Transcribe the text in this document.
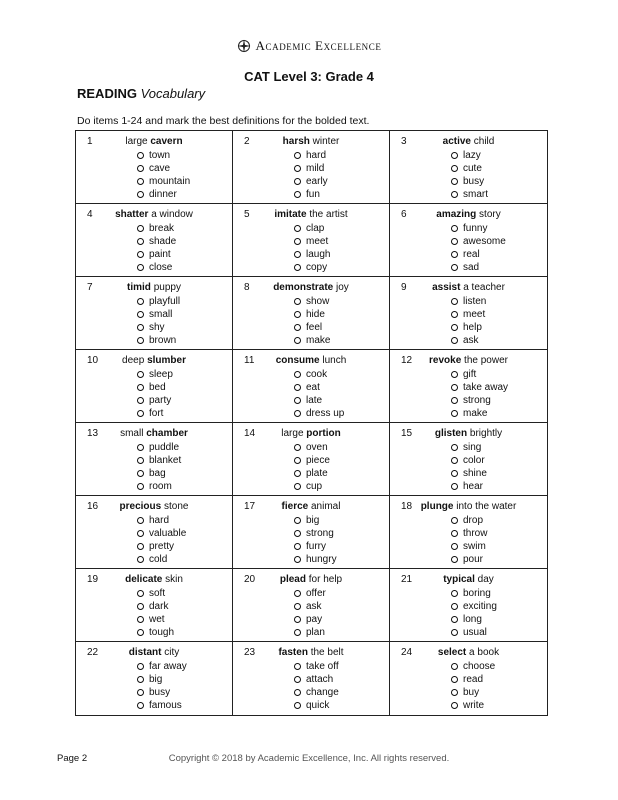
Academic Excellence
CAT Level 3: Grade 4
READING Vocabulary
Do items 1-24 and mark the best definitions for the bolded text.
1	large cavern
town
cave
mountain
dinner
2	harsh winter
hard
mild
early
fun
3	active child
lazy
cute
busy
smart
4	shatter a window
break
shade
paint
close
5	imitate the artist
clap
meet
laugh
copy
6	amazing story
funny
awesome
real
sad
7	timid puppy
playfull
small
shy
brown
8	demonstrate joy
show
hide
feel
make
9	assist a teacher
listen
meet
help
ask
10	deep slumber
sleep
bed
party
fort
11	consume lunch
cook
eat
late
dress up
12	revoke the power
gift
take away
strong
make
13	small chamber
puddle
blanket
bag
room
14	large portion
oven
piece
plate
cup
15	glisten brightly
sing
color
shine
hear
16	precious stone
hard
valuable
pretty
cold
17	fierce animal
big
strong
furry
hungry
18 plunge into the water
drop
throw
swim
pour
19	delicate skin
soft
dark
wet
tough
20	plead for help
offer
ask
pay
plan
21	typical day
boring
exciting
long
usual
22	distant city
far away
big
busy
famous
23	fasten the belt
take off
attach
change
quick
24	select a book
choose
read
buy
write
Page 2	Copyright © 2018 by Academic Excellence, Inc. All rights reserved.
